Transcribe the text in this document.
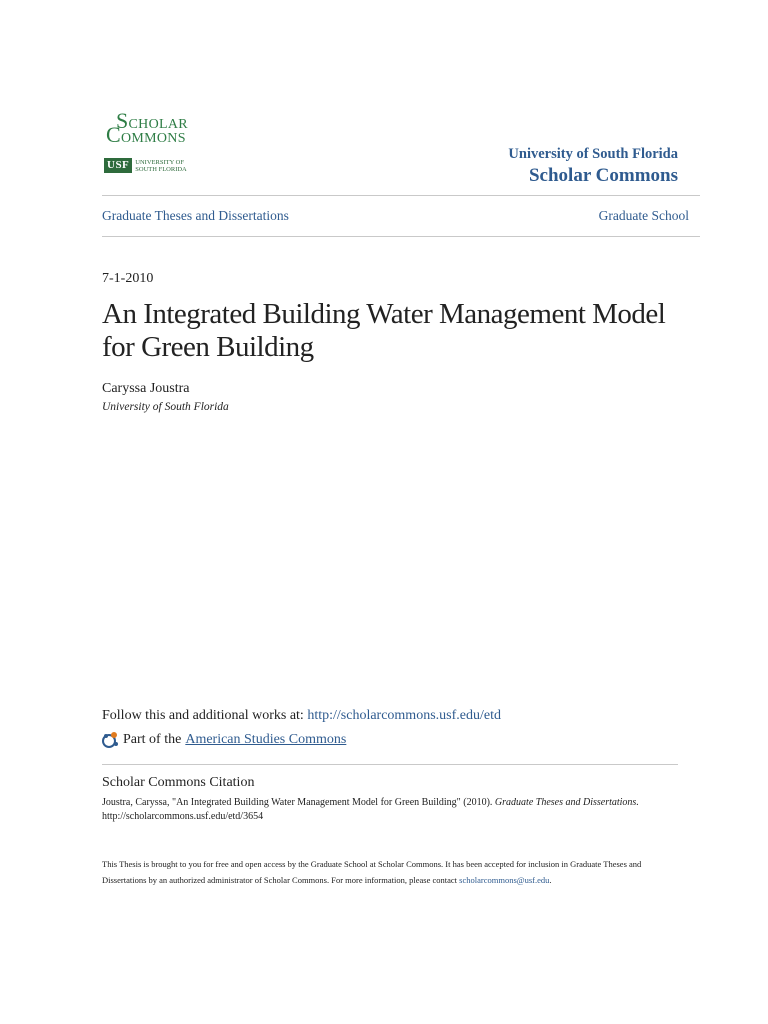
SCHOLAR
COMMONS
USF UNIVERSITY OF
SOUTH FLORIDA
University of South Florida
Scholar Commons
Graduate Theses and Dissertations	Graduate School
7-1-2010
An Integrated Building Water Management Model for Green Building
Caryssa Joustra
University of South Florida
Follow this and additional works at: http://scholarcommons.usf.edu/etd
Part of the American Studies Commons
Scholar Commons Citation
Joustra, Caryssa, "An Integrated Building Water Management Model for Green Building" (2010). Graduate Theses and Dissertations.
http://scholarcommons.usf.edu/etd/3654
This Thesis is brought to you for free and open access by the Graduate School at Scholar Commons. It has been accepted for inclusion in Graduate Theses and Dissertations by an authorized administrator of Scholar Commons. For more information, please contact scholarcommons@usf.edu.
